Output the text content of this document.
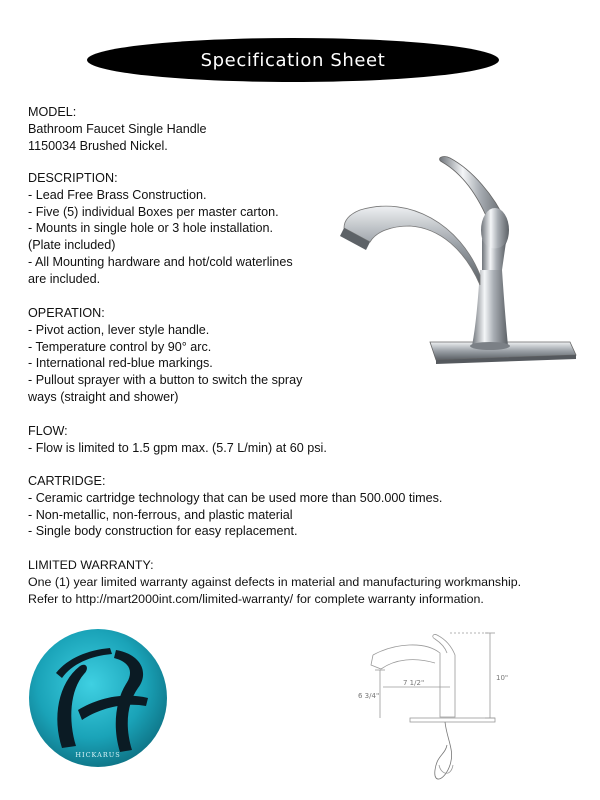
Specification Sheet
MODEL:
Bathroom Faucet Single Handle
1150034 Brushed Nickel.
DESCRIPTION:
- Lead Free Brass Construction.
- Five (5) individual Boxes per master carton.
- Mounts in single hole or 3 hole installation.
(Plate included)
- All Mounting hardware and hot/cold waterlines
are included.
OPERATION:
- Pivot action, lever style handle.
- Temperature control by 90° arc.
- International red-blue markings.
- Pullout sprayer with a button to switch the spray
ways (straight and shower)
FLOW:
- Flow is limited to 1.5 gpm max. (5.7 L/min) at 60 psi.
CARTRIDGE:
- Ceramic cartridge technology that can be used more than 500.000 times.
- Non-metallic, non-ferrous, and plastic material
- Single body construction for easy replacement.
LIMITED WARRANTY:
One (1) year limited warranty against defects in material and manufacturing workmanship.
Refer to http://mart2000int.com/limited-warranty/ for complete warranty information.
HICKARUS
10"
6 3/4"
7 1/2"
